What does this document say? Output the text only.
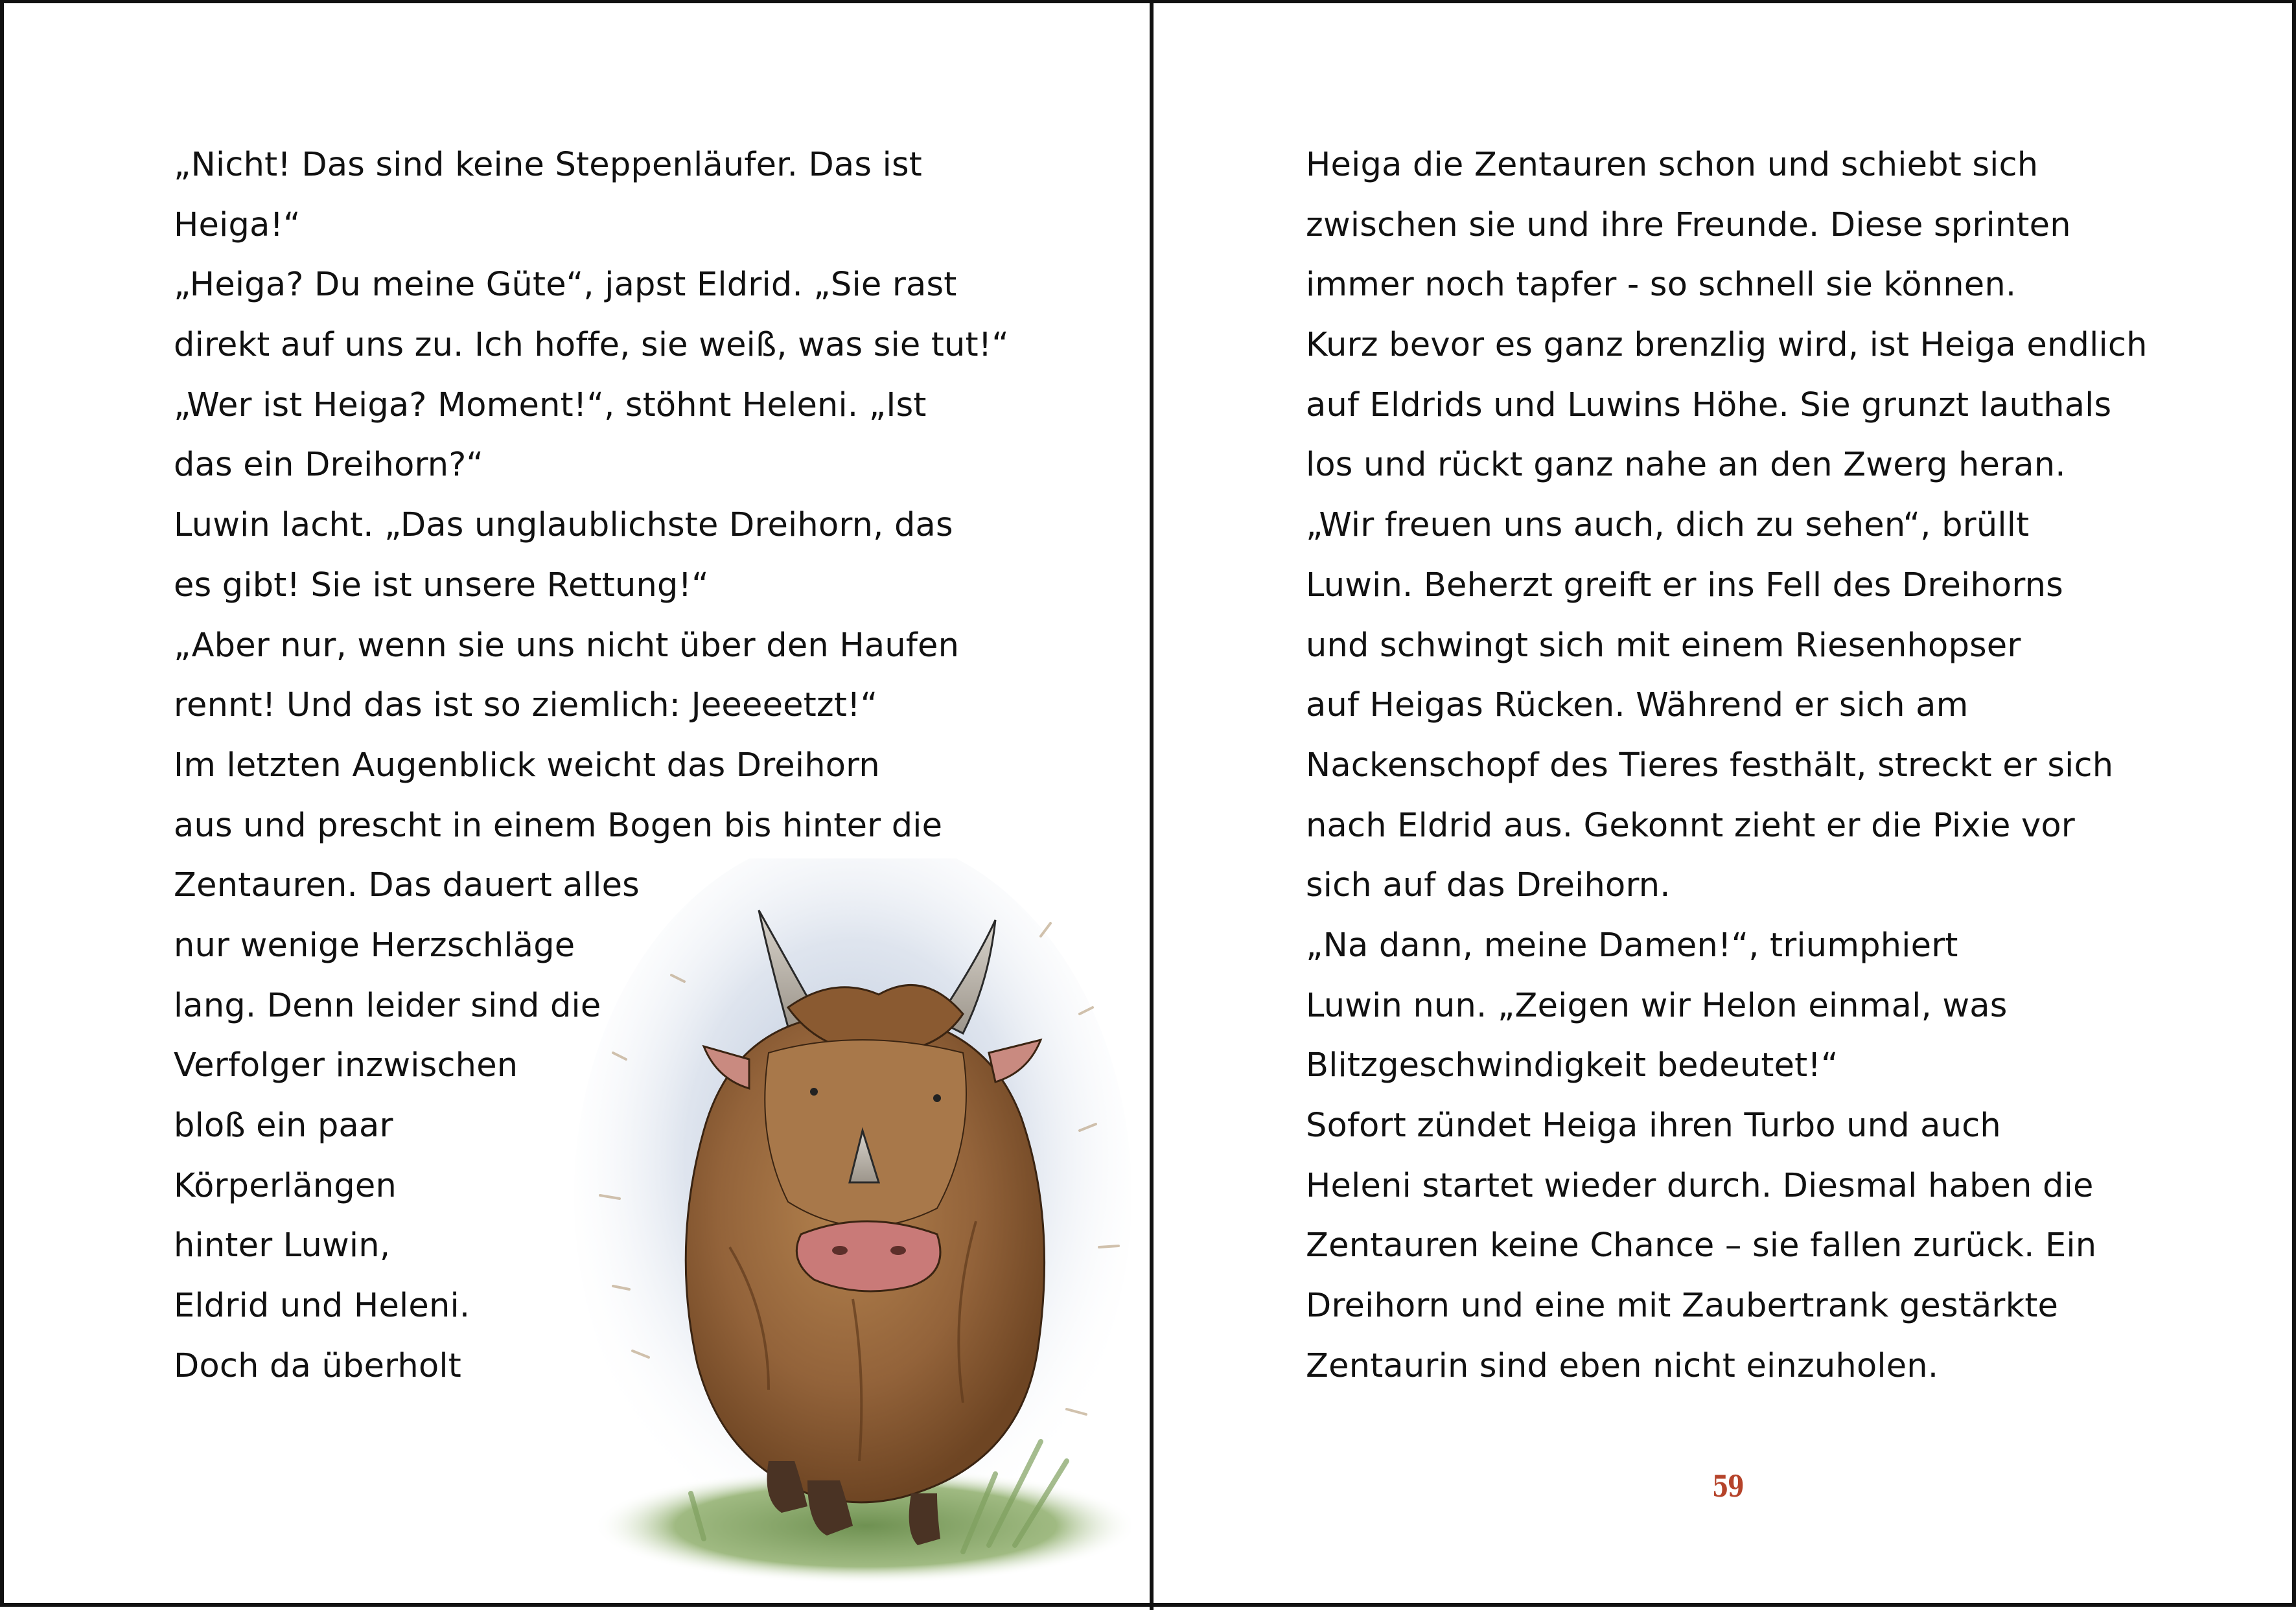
„Nicht! Das sind keine Steppenläufer. Das ist
Heiga!“
„Heiga? Du meine Güte“, japst Eldrid. „Sie rast
direkt auf uns zu. Ich hoffe, sie weiß, was sie tut!“
„Wer ist Heiga? Moment!“, stöhnt Heleni. „Ist
das ein Dreihorn?“
Luwin lacht. „Das unglaublichste Dreihorn, das
es gibt! Sie ist unsere Rettung!“
„Aber nur, wenn sie uns nicht über den Haufen
rennt! Und das ist so ziemlich: Jeeeeetzt!“
Im letzten Augenblick weicht das Dreihorn
aus und prescht in einem Bogen bis hinter die
Zentauren. Das dauert alles
nur wenige Herzschläge
lang. Denn leider sind die
Verfolger inzwischen
bloß ein paar
Körperlängen
hinter Luwin,
Eldrid und Heleni.
Doch da überholt
Heiga die Zentauren schon und schiebt sich
zwischen sie und ihre Freunde. Diese sprinten
immer noch tapfer - so schnell sie können.
Kurz bevor es ganz brenzlig wird, ist Heiga endlich
auf Eldrids und Luwins Höhe. Sie grunzt lauthals
los und rückt ganz nahe an den Zwerg heran.
„Wir freuen uns auch, dich zu sehen“, brüllt
Luwin. Beherzt greift er ins Fell des Dreihorns
und schwingt sich mit einem Riesenhopser
auf Heigas Rücken. Während er sich am
Nackenschopf des Tieres festhält, streckt er sich
nach Eldrid aus. Gekonnt zieht er die Pixie vor
sich auf das Dreihorn.
„Na dann, meine Damen!“, triumphiert
Luwin nun. „Zeigen wir Helon einmal, was
Blitzgeschwindigkeit bedeutet!“
Sofort zündet Heiga ihren Turbo und auch
Heleni startet wieder durch. Diesmal haben die
Zentauren keine Chance – sie fallen zurück. Ein
Dreihorn und eine mit Zaubertrank gestärkte
Zentaurin sind eben nicht einzuholen.
59
